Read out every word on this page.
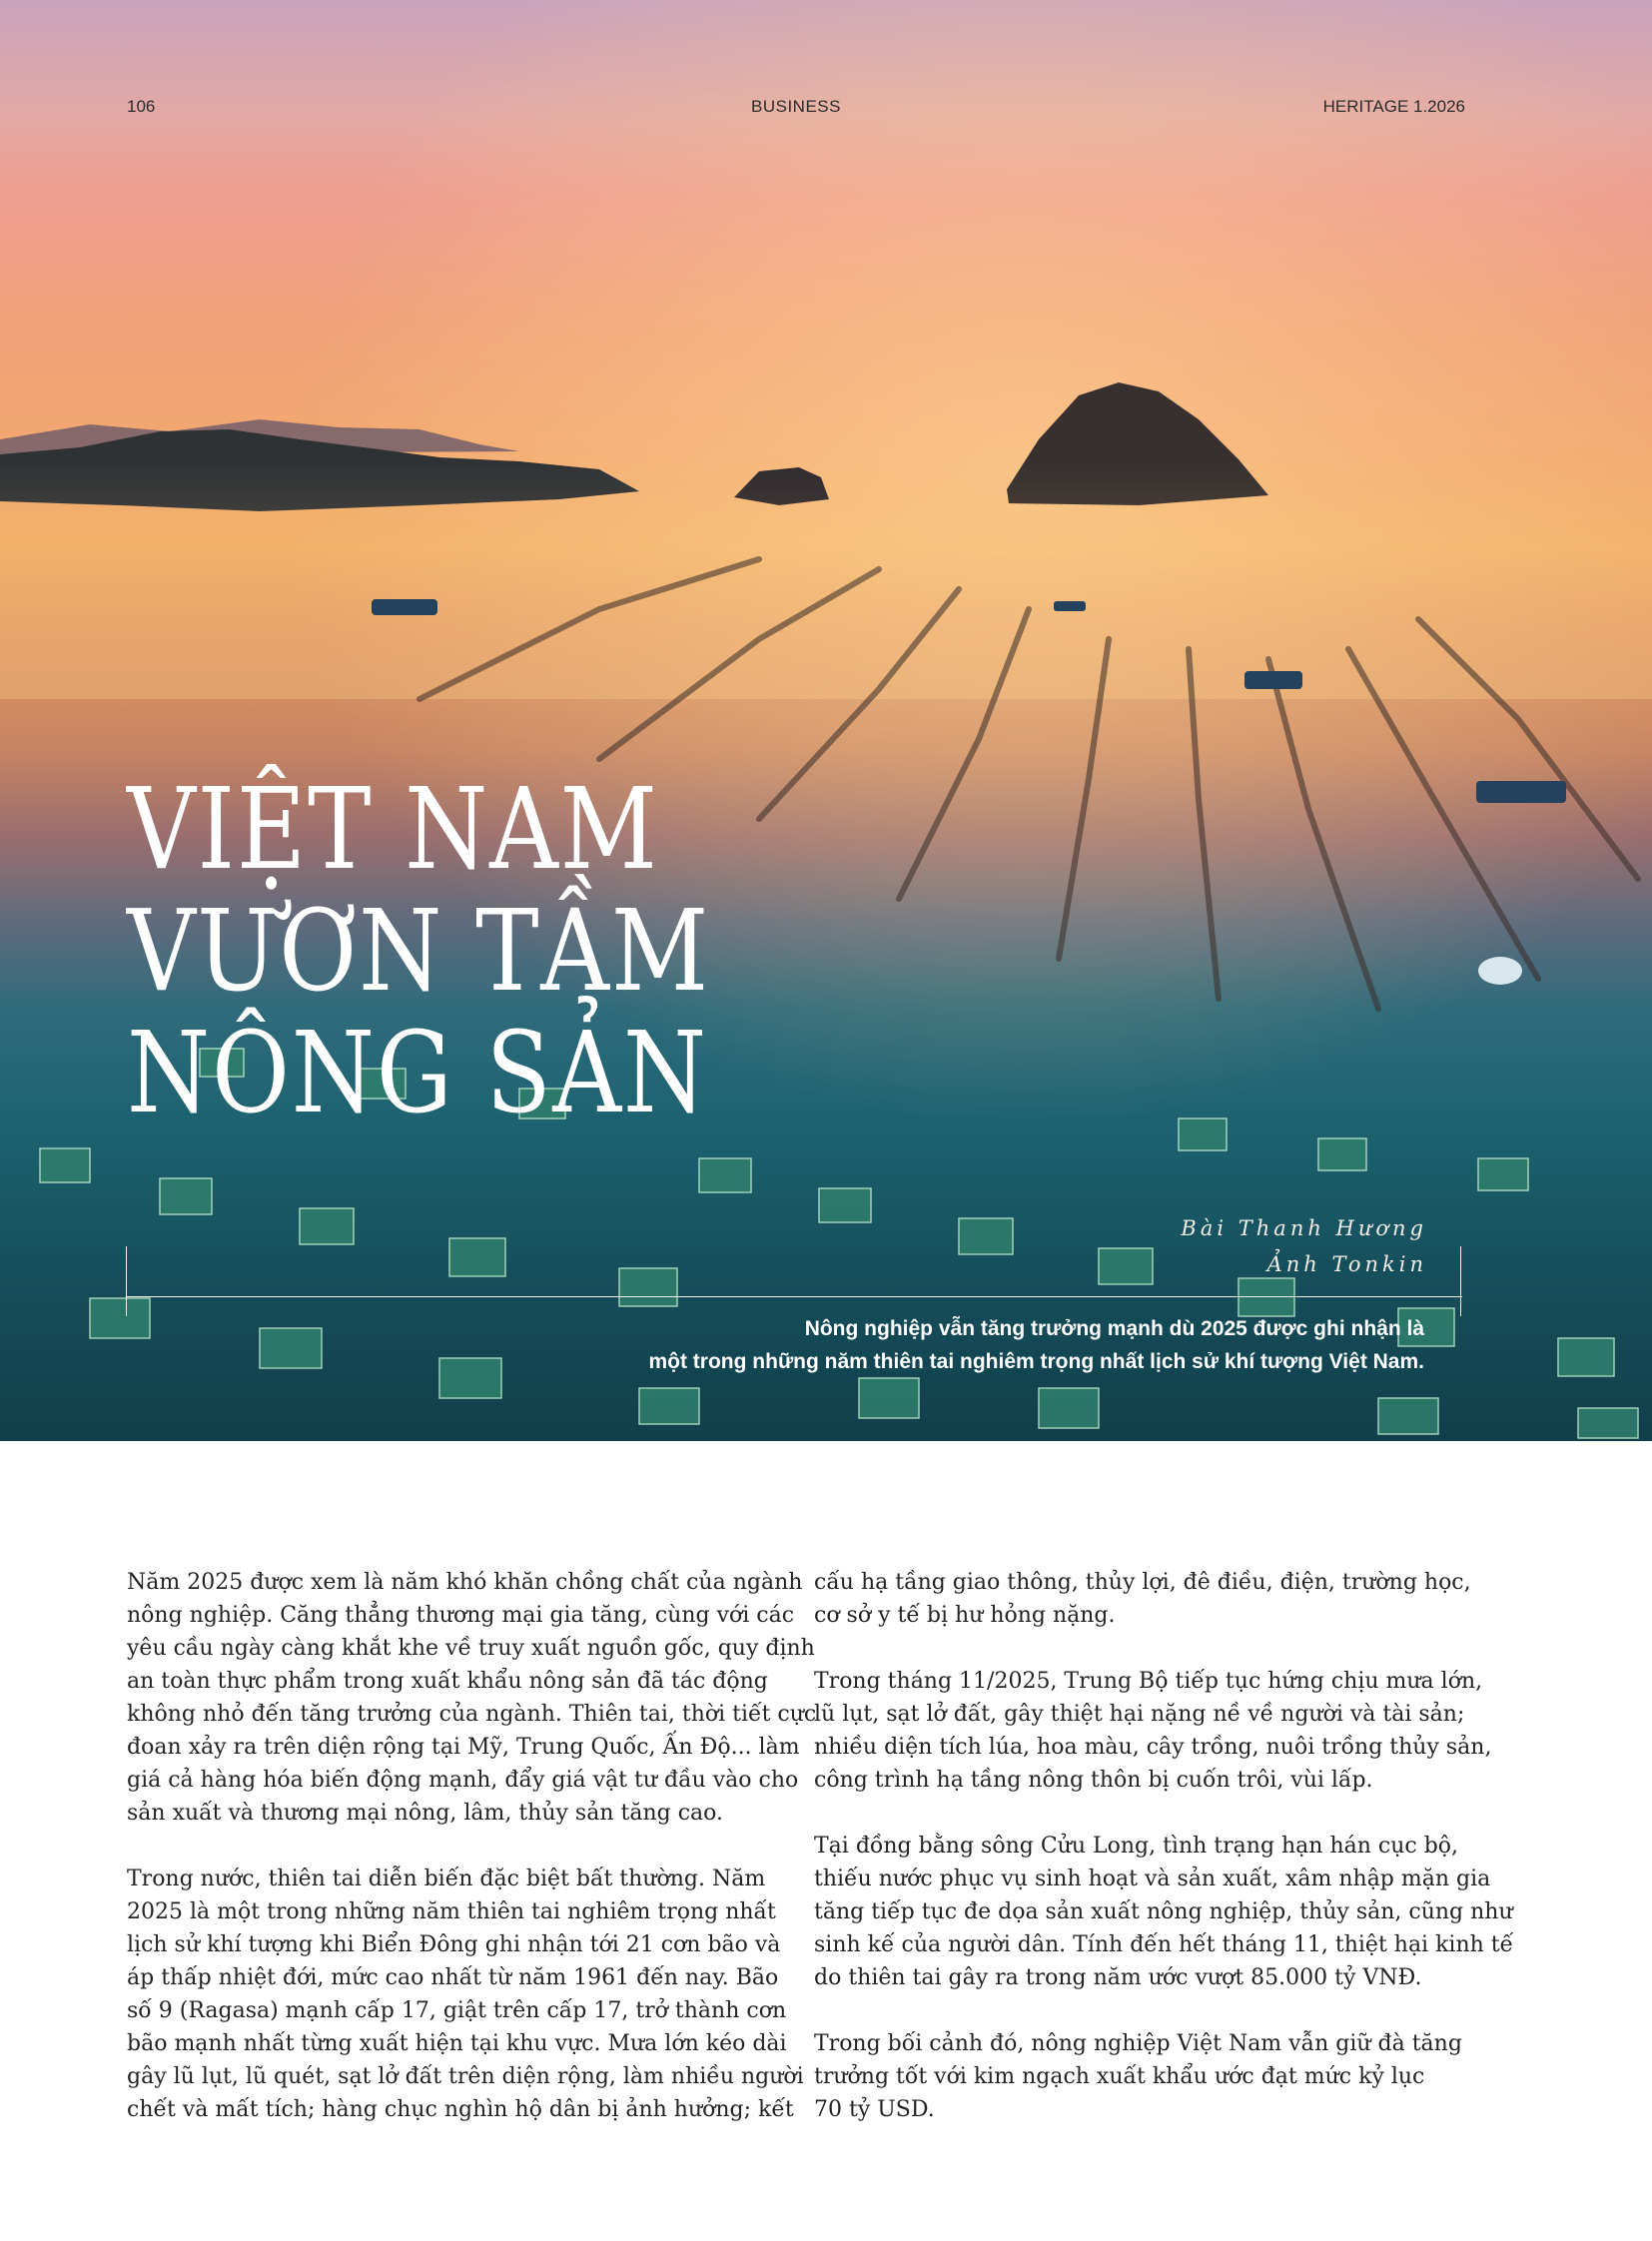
106	BUSINESS	HERITAGE 1.2026
VIỆT NAM
VƯƠN TẦM
NÔNG SẢN
Bài Thanh Hương
Ảnh Tonkin
Nông nghiệp vẫn tăng trưởng mạnh dù 2025 được ghi nhận là
một trong những năm thiên tai nghiêm trọng nhất lịch sử khí tượng Việt Nam.

Năm 2025 được xem là năm khó khăn chồng chất của ngành
nông nghiệp. Căng thẳng thương mại gia tăng, cùng với các
yêu cầu ngày càng khắt khe về truy xuất nguồn gốc, quy định
an toàn thực phẩm trong xuất khẩu nông sản đã tác động
không nhỏ đến tăng trưởng của ngành. Thiên tai, thời tiết cực
đoan xảy ra trên diện rộng tại Mỹ, Trung Quốc, Ấn Độ... làm
giá cả hàng hóa biến động mạnh, đẩy giá vật tư đầu vào cho
sản xuất và thương mại nông, lâm, thủy sản tăng cao.

Trong nước, thiên tai diễn biến đặc biệt bất thường. Năm
2025 là một trong những năm thiên tai nghiêm trọng nhất
lịch sử khí tượng khi Biển Đông ghi nhận tới 21 cơn bão và
áp thấp nhiệt đới, mức cao nhất từ năm 1961 đến nay. Bão
số 9 (Ragasa) mạnh cấp 17, giật trên cấp 17, trở thành cơn
bão mạnh nhất từng xuất hiện tại khu vực. Mưa lớn kéo dài
gây lũ lụt, lũ quét, sạt lở đất trên diện rộng, làm nhiều người
chết và mất tích; hàng chục nghìn hộ dân bị ảnh hưởng; kết

cấu hạ tầng giao thông, thủy lợi, đê điều, điện, trường học,
cơ sở y tế bị hư hỏng nặng.

Trong tháng 11/2025, Trung Bộ tiếp tục hứng chịu mưa lớn,
lũ lụt, sạt lở đất, gây thiệt hại nặng nề về người và tài sản;
nhiều diện tích lúa, hoa màu, cây trồng, nuôi trồng thủy sản,
công trình hạ tầng nông thôn bị cuốn trôi, vùi lấp.

Tại đồng bằng sông Cửu Long, tình trạng hạn hán cục bộ,
thiếu nước phục vụ sinh hoạt và sản xuất, xâm nhập mặn gia
tăng tiếp tục đe dọa sản xuất nông nghiệp, thủy sản, cũng như
sinh kế của người dân. Tính đến hết tháng 11, thiệt hại kinh tế
do thiên tai gây ra trong năm ước vượt 85.000 tỷ VNĐ.

Trong bối cảnh đó, nông nghiệp Việt Nam vẫn giữ đà tăng
trưởng tốt với kim ngạch xuất khẩu ước đạt mức kỷ lục
70 tỷ USD.
